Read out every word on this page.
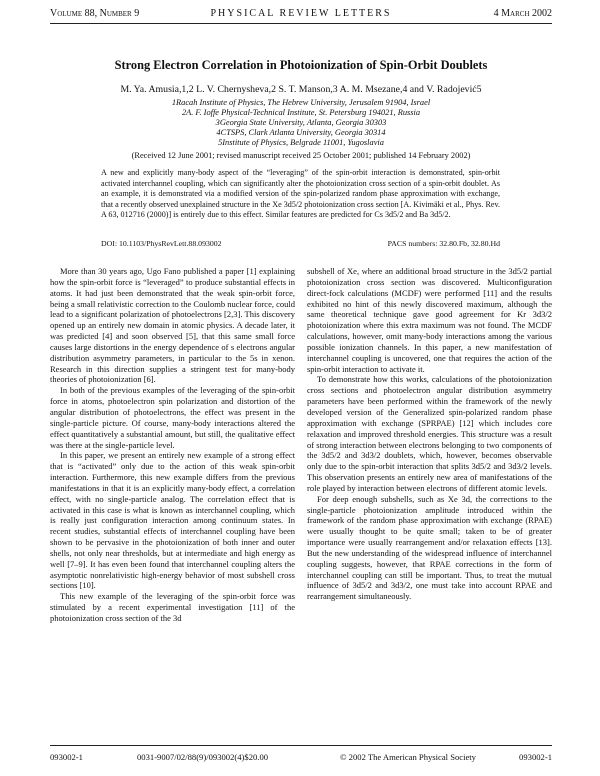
Volume 88, Number 9	PHYSICAL REVIEW LETTERS	4 March 2002
Strong Electron Correlation in Photoionization of Spin-Orbit Doublets
M. Ya. Amusia,1,2 L. V. Chernysheva,2 S. T. Manson,3 A. M. Msezane,4 and V. Radojević5
1Racah Institute of Physics, The Hebrew University, Jerusalem 91904, Israel
2A. F. Ioffe Physical-Technical Institute, St. Petersburg 194021, Russia
3Georgia State University, Atlanta, Georgia 30303
4CTSPS, Clark Atlanta University, Georgia 30314
5Institute of Physics, Belgrade 11001, Yugoslavia
(Received 12 June 2001; revised manuscript received 25 October 2001; published 14 February 2002)
A new and explicitly many-body aspect of the “leveraging” of the spin-orbit interaction is demonstrated, spin-orbit activated interchannel coupling, which can significantly alter the photoionization cross section of a spin-orbit doublet. As an example, it is demonstrated via a modified version of the spin-polarized random phase approximation with exchange, that a recently observed unexplained structure in the Xe 3d5/2 photoionization cross section [A. Kivimäki et al., Phys. Rev. A 63, 012716 (2000)] is entirely due to this effect. Similar features are predicted for Cs 3d5/2 and Ba 3d5/2.
DOI: 10.1103/PhysRevLett.88.093002	PACS numbers: 32.80.Fb, 32.80.Hd

More than 30 years ago, Ugo Fano published a paper [1] explaining how the spin-orbit force is “leveraged” to produce substantial effects in atoms. It had just been demonstrated that the weak spin-orbit force, being a small relativistic correction to the Coulomb nuclear force, could lead to a significant polarization of photoelectrons [2,3]. This discovery opened up an entirely new domain in atomic physics. A decade later, it was predicted [4] and soon observed [5], that this same small force causes large distortions in the energy dependence of s electrons angular distribution asymmetry parameters, in particular to the 5s in xenon. Research in this direction supplies a stringent test for many-body theories of photoionization [6].

In both of the previous examples of the leveraging of the spin-orbit force in atoms, photoelectron spin polarization and distortion of the angular distribution of photoelectrons, the effect was present in the single-particle picture. Of course, many-body interactions altered the effect quantitatively a substantial amount, but still, the qualitative effect was there at the single-particle level.

In this paper, we present an entirely new example of a strong effect that is “activated” only due to the action of this weak spin-orbit interaction. Furthermore, this new example differs from the previous manifestations in that it is an explicitly many-body effect, a correlation effect, with no single-particle analog. The correlation effect that is activated in this case is what is known as interchannel coupling, which is really just configuration interaction among continuum states. In recent studies, substantial effects of interchannel coupling have been shown to be pervasive in the photoionization of both inner and outer shells, not only near thresholds, but at intermediate and high energy as well [7–9]. It has even been found that interchannel coupling alters the asymptotic nonrelativistic high-energy behavior of most subshell cross sections [10].

This new example of the leveraging of the spin-orbit force was stimulated by a recent experimental investigation [11] of the photoionization cross section of the 3d

subshell of Xe, where an additional broad structure in the 3d5/2 partial photoionization cross section was discovered. Multiconfiguration direct-fock calculations (MCDF) were performed [11] and the results exhibited no hint of this newly discovered maximum, although the same theoretical technique gave good agreement for Kr 3d3/2 photoionization where this extra maximum was not found. The MCDF calculations, however, omit many-body interactions among the various possible ionization channels. In this paper, a new manifestation of interchannel coupling is uncovered, one that requires the action of the spin-orbit interaction to activate it.

To demonstrate how this works, calculations of the photoionization cross sections and photoelectron angular distribution asymmetry parameters have been performed within the framework of the newly developed version of the Generalized spin-polarized random phase approximation with exchange (SPRPAE) [12] which includes core relaxation and improved threshold energies. This structure was a result of strong interaction between electrons belonging to two components of the 3d5/2 and 3d3/2 doublets, which, however, becomes observable only due to the spin-orbit interaction that splits 3d5/2 and 3d3/2 levels. This observation presents an entirely new area of manifestations of the role played by interaction between electrons of different atomic levels.

For deep enough subshells, such as Xe 3d, the corrections to the single-particle photoionization amplitude introduced within the framework of the random phase approximation with exchange (RPAE) were usually thought to be quite small; taken to be of greater importance were usually rearrangement and/or relaxation effects [13]. But the new understanding of the widespread influence of interchannel coupling suggests, however, that RPAE corrections in the form of interchannel coupling can still be important. Thus, to treat the mutual influence of 3d5/2 and 3d3/2, one must take into account RPAE and rearrangement simultaneously.

093002-1	0031-9007/02/88(9)/093002(4)$20.00	© 2002 The American Physical Society	093002-1
